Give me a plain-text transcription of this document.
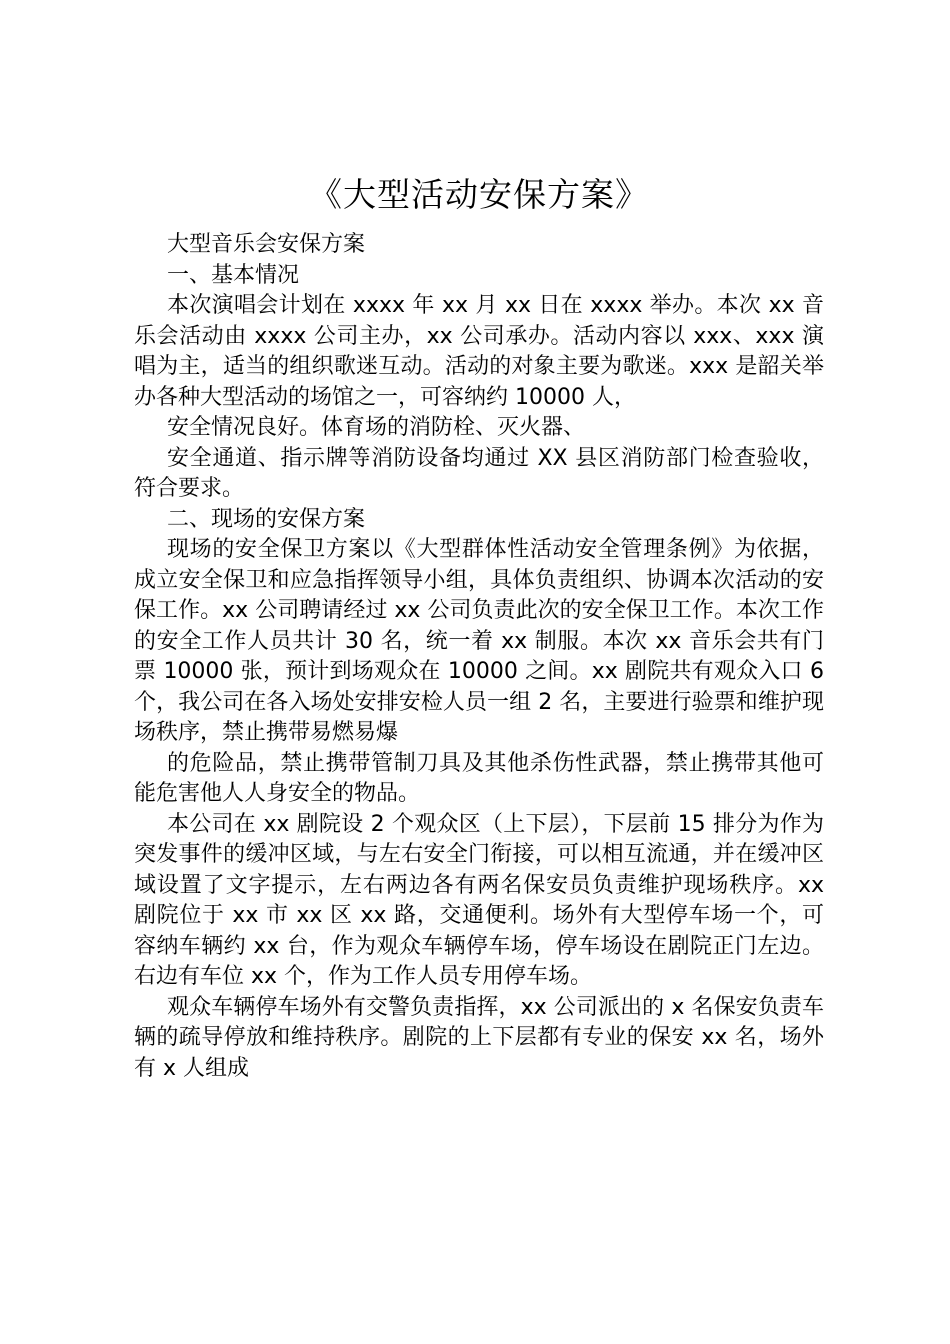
《大型活动安保方案》

大型音乐会安保方案

一、基本情况

本次演唱会计划在 xxxx 年 xx 月 xx 日在 xxxx 举办。本次 xx 音乐会活动由 xxxx 公司主办，xx 公司承办。活动内容以 xxx、xxx 演唱为主，适当的组织歌迷互动。活动的对象主要为歌迷。xxx 是韶关举办各种大型活动的场馆之一，可容纳约 10000 人，

安全情况良好。体育场的消防栓、灭火器、

安全通道、指示牌等消防设备均通过 XX 县区消防部门检查验收，符合要求。

二、现场的安保方案

现场的安全保卫方案以《大型群体性活动安全管理条例》为依据，成立安全保卫和应急指挥领导小组，具体负责组织、协调本次活动的安保工作。xx 公司聘请经过 xx 公司负责此次的安全保卫工作。本次工作的安全工作人员共计 30 名，统一着 xx 制服。本次 xx 音乐会共有门票 10000 张，预计到场观众在 10000 之间。xx 剧院共有观众入口 6 个，我公司在各入场处安排安检人员一组 2 名，主要进行验票和维护现场秩序，禁止携带易燃易爆

的危险品，禁止携带管制刀具及其他杀伤性武器，禁止携带其他可能危害他人人身安全的物品。

本公司在 xx 剧院设 2 个观众区（上下层），下层前 15 排分为作为突发事件的缓冲区域，与左右安全门衔接，可以相互流通，并在缓冲区域设置了文字提示，左右两边各有两名保安员负责维护现场秩序。xx 剧院位于 xx 市 xx 区 xx 路，交通便利。场外有大型停车场一个，可容纳车辆约 xx 台，作为观众车辆停车场，停车场设在剧院正门左边。右边有车位 xx 个，作为工作人员专用停车场。

观众车辆停车场外有交警负责指挥，xx 公司派出的 x 名保安负责车辆的疏导停放和维持秩序。剧院的上下层都有专业的保安 xx 名，场外有 x 人组成
